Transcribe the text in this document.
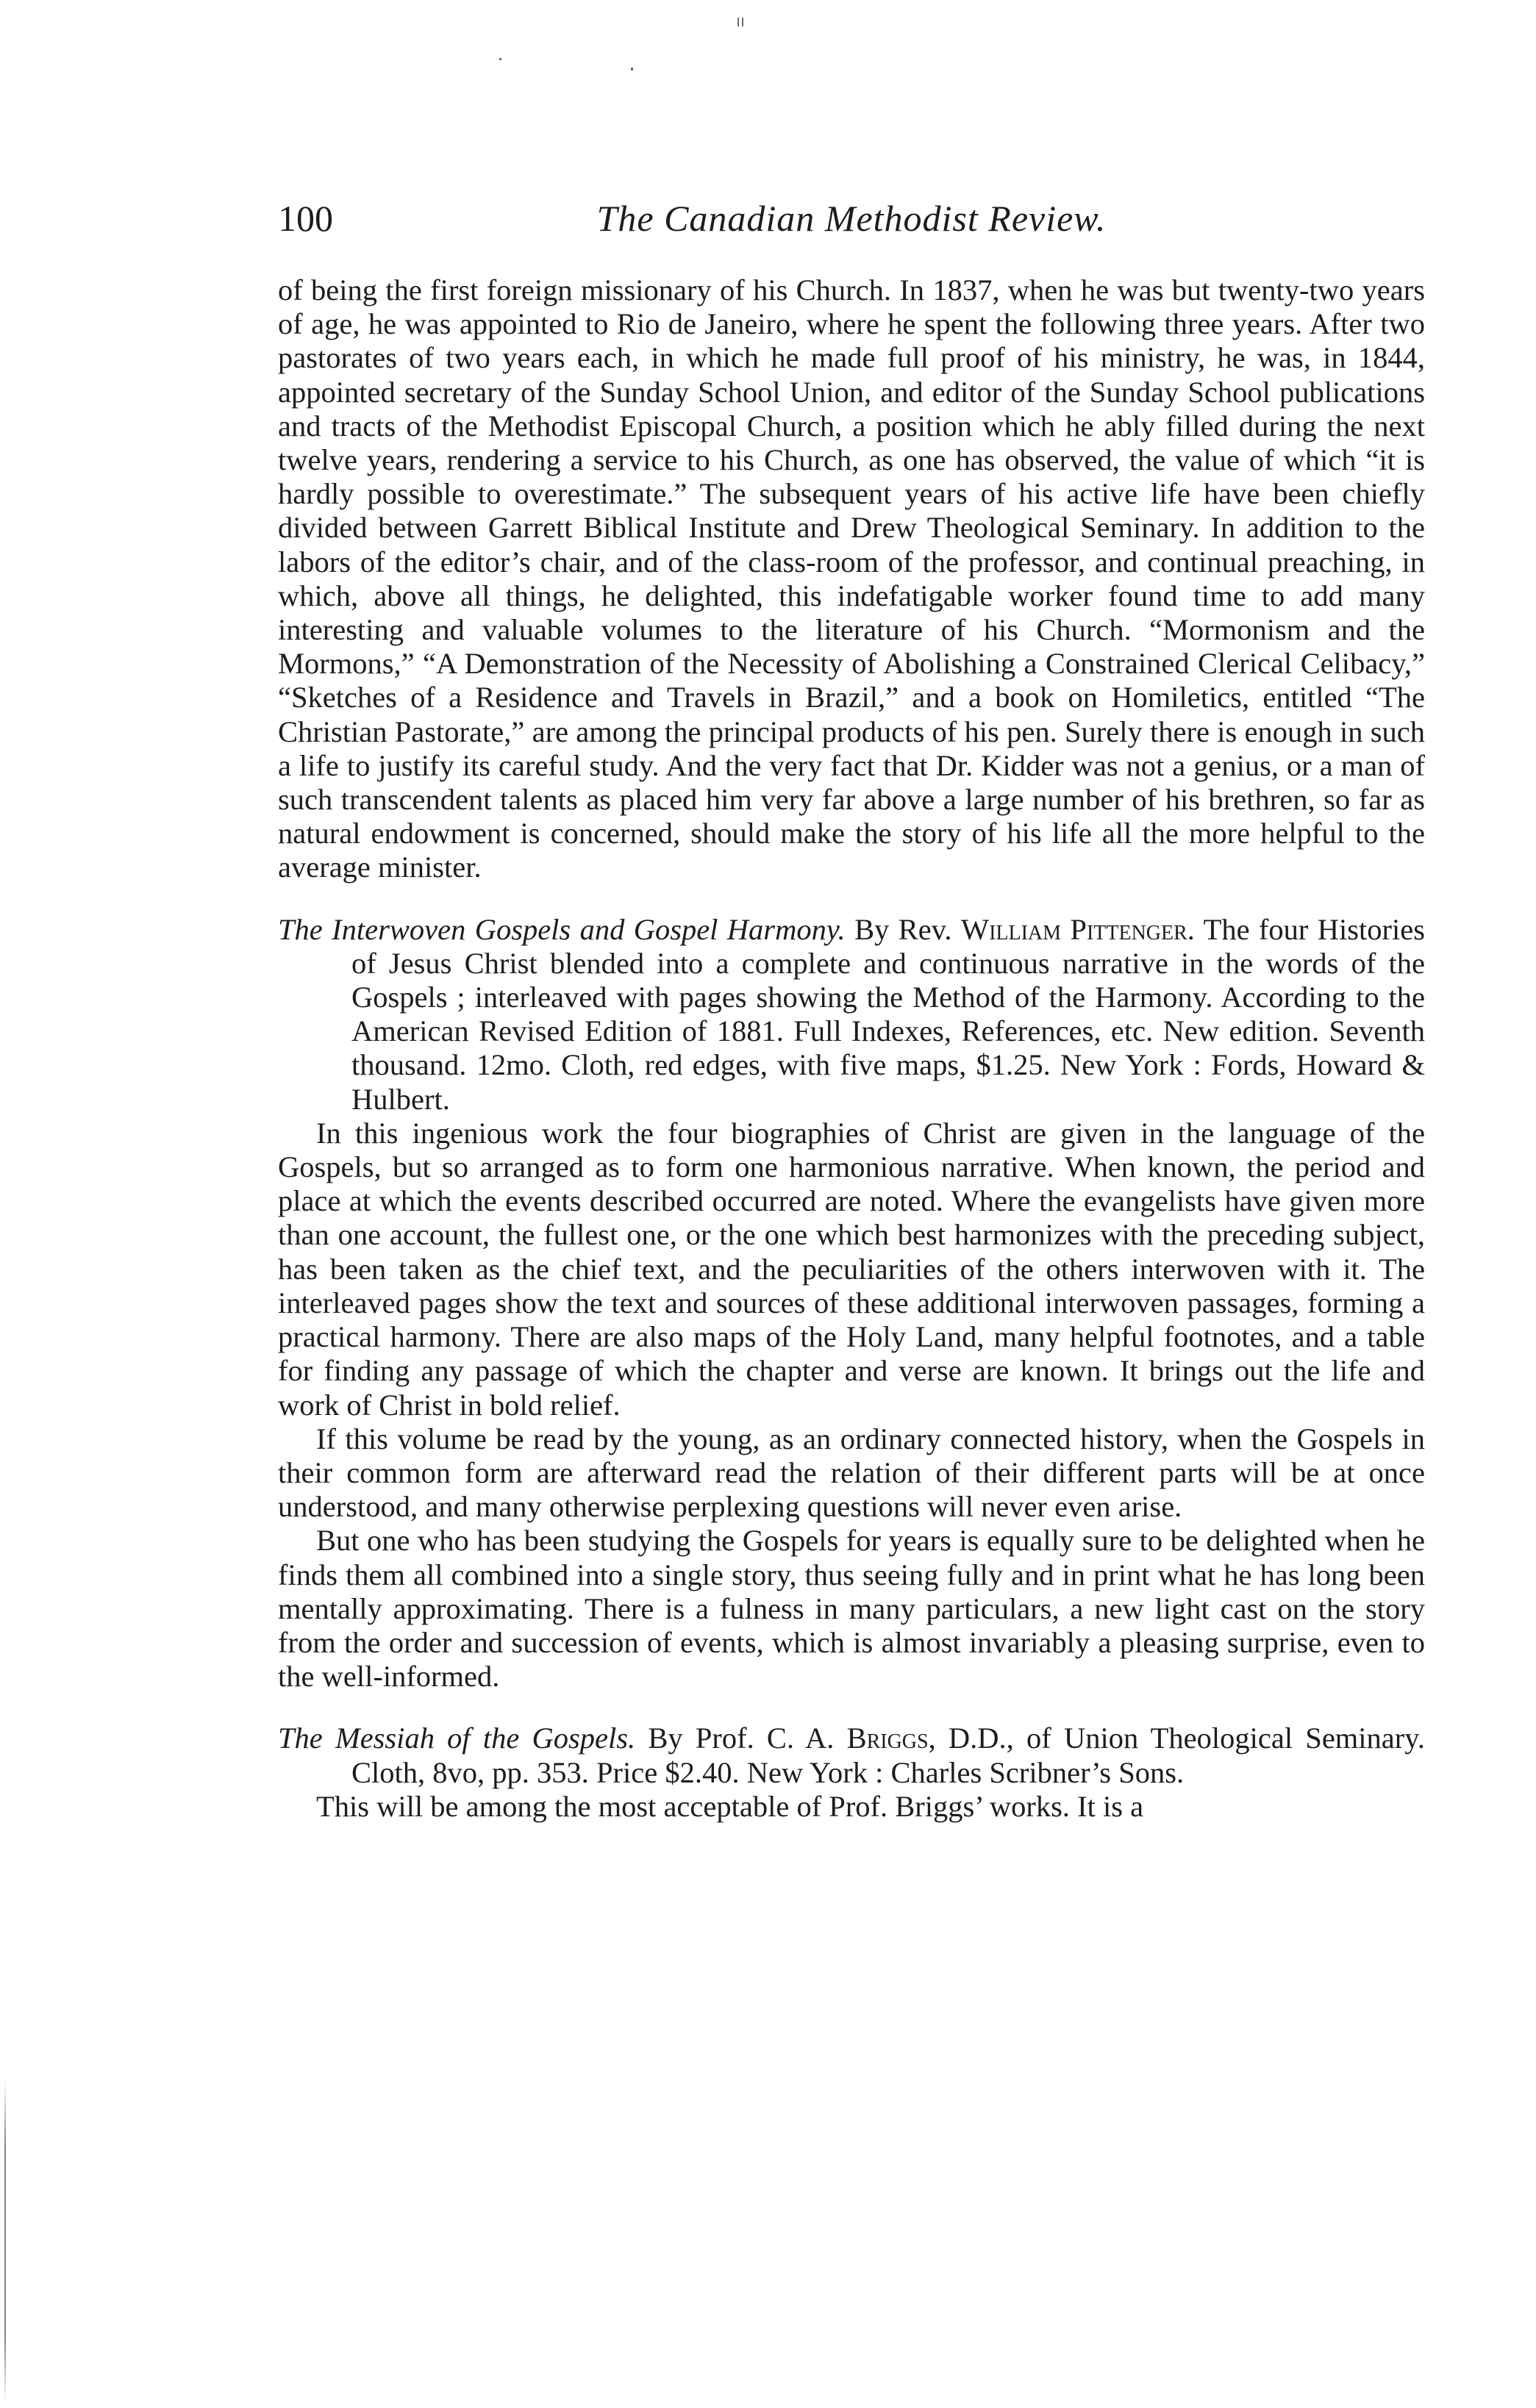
100	The Canadian Methodist Review.

of being the first foreign missionary of his Church. In 1837, when he was but twenty-two years of age, he was appointed to Rio de Janeiro, where he spent the following three years. After two pastorates of two years each, in which he made full proof of his ministry, he was, in 1844, appointed secretary of the Sunday School Union, and editor of the Sunday School publications and tracts of the Methodist Episcopal Church, a position which he ably filled during the next twelve years, rendering a service to his Church, as one has observed, the value of which “it is hardly possible to overestimate.” The subsequent years of his active life have been chiefly divided between Garrett Biblical Institute and Drew Theological Seminary. In addition to the labors of the editor’s chair, and of the class-room of the professor, and continual preaching, in which, above all things, he delighted, this indefatigable worker found time to add many interesting and valuable volumes to the literature of his Church. “Mormonism and the Mormons,” “A Demonstration of the Necessity of Abolishing a Constrained Clerical Celibacy,” “Sketches of a Residence and Travels in Brazil,” and a book on Homiletics, entitled “The Christian Pastorate,” are among the principal products of his pen. Surely there is enough in such a life to justify its careful study. And the very fact that Dr. Kidder was not a genius, or a man of such transcendent talents as placed him very far above a large number of his brethren, so far as natural endowment is concerned, should make the story of his life all the more helpful to the average minister.

The Interwoven Gospels and Gospel Harmony. By Rev. William Pittenger. The four Histories of Jesus Christ blended into a complete and continuous narrative in the words of the Gospels ; interleaved with pages showing the Method of the Harmony. According to the American Revised Edition of 1881. Full Indexes, References, etc. New edition. Seventh thousand. 12mo. Cloth, red edges, with five maps, $1.25. New York : Fords, Howard & Hulbert.

In this ingenious work the four biographies of Christ are given in the language of the Gospels, but so arranged as to form one harmonious narrative. When known, the period and place at which the events described occurred are noted. Where the evangelists have given more than one account, the fullest one, or the one which best harmonizes with the preceding subject, has been taken as the chief text, and the peculiarities of the others interwoven with it. The interleaved pages show the text and sources of these additional interwoven passages, forming a practical harmony. There are also maps of the Holy Land, many helpful footnotes, and a table for finding any passage of which the chapter and verse are known. It brings out the life and work of Christ in bold relief.

If this volume be read by the young, as an ordinary connected history, when the Gospels in their common form are afterward read the relation of their different parts will be at once understood, and many otherwise perplexing questions will never even arise.

But one who has been studying the Gospels for years is equally sure to be delighted when he finds them all combined into a single story, thus seeing fully and in print what he has long been mentally approximating. There is a fulness in many particulars, a new light cast on the story from the order and succession of events, which is almost invariably a pleasing surprise, even to the well-informed.

The Messiah of the Gospels. By Prof. C. A. Briggs, D.D., of Union Theological Seminary. Cloth, 8vo, pp. 353. Price $2.40. New York : Charles Scribner’s Sons.

This will be among the most acceptable of Prof. Briggs’ works. It is a
